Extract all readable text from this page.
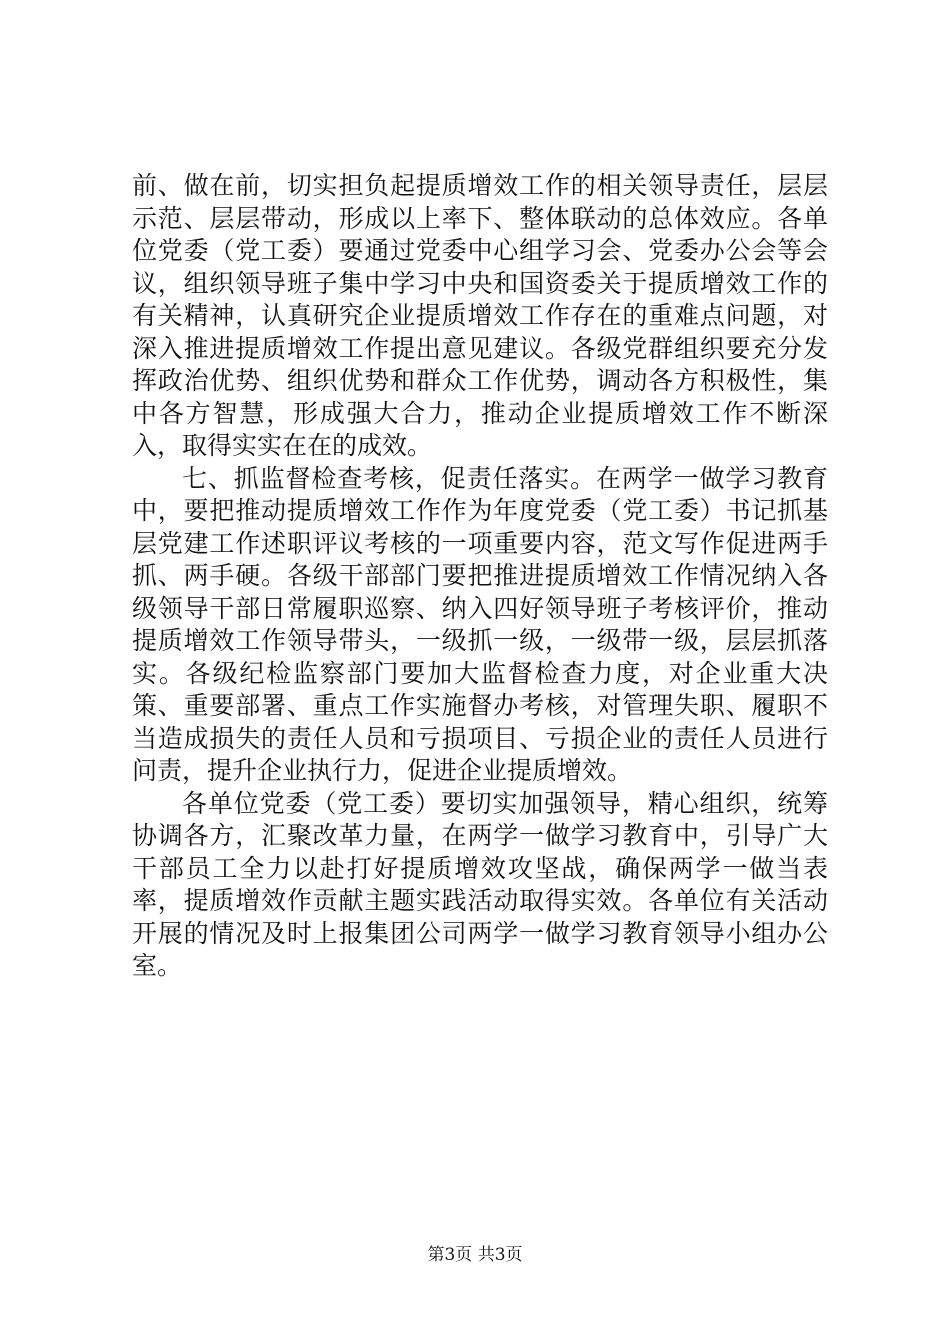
前、做在前，切实担负起提质增效工作的相关领导责任，层层示范、层层带动，形成以上率下、整体联动的总体效应。各单位党委（党工委）要通过党委中心组学习会、党委办公会等会议，组织领导班子集中学习中央和国资委关于提质增效工作的有关精神，认真研究企业提质增效工作存在的重难点问题，对深入推进提质增效工作提出意见建议。各级党群组织要充分发挥政治优势、组织优势和群众工作优势，调动各方积极性，集中各方智慧，形成强大合力，推动企业提质增效工作不断深入，取得实实在在的成效。

七、抓监督检查考核，促责任落实。在两学一做学习教育中，要把推动提质增效工作作为年度党委（党工委）书记抓基层党建工作述职评议考核的一项重要内容，范文写作促进两手抓、两手硬。各级干部部门要把推进提质增效工作情况纳入各级领导干部日常履职巡察、纳入四好领导班子考核评价，推动提质增效工作领导带头，一级抓一级，一级带一级，层层抓落实。各级纪检监察部门要加大监督检查力度，对企业重大决策、重要部署、重点工作实施督办考核，对管理失职、履职不当造成损失的责任人员和亏损项目、亏损企业的责任人员进行问责，提升企业执行力，促进企业提质增效。

各单位党委（党工委）要切实加强领导，精心组织，统筹协调各方，汇聚改革力量，在两学一做学习教育中，引导广大干部员工全力以赴打好提质增效攻坚战，确保两学一做当表率，提质增效作贡献主题实践活动取得实效。各单位有关活动开展的情况及时上报集团公司两学一做学习教育领导小组办公室。

第3页 共3页
